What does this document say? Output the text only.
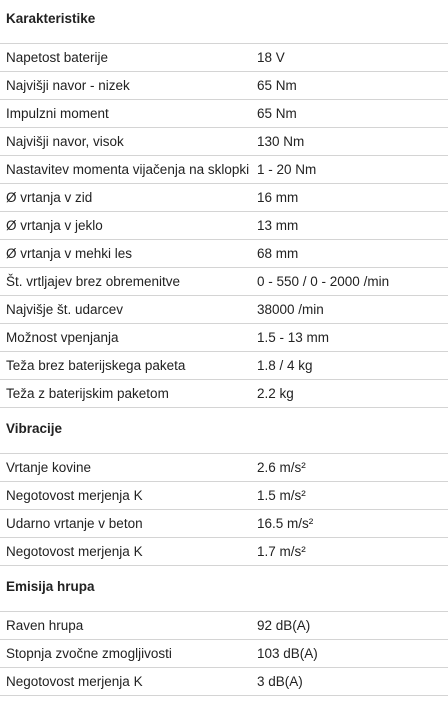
Karakteristike
Napetost baterije	18 V
Najvišji navor - nizek	65 Nm
Impulzni moment	65 Nm
Najvišji navor, visok	130 Nm
Nastavitev momenta vijačenja na sklopki 1 - 20 Nm
Ø vrtanja v zid	16 mm
Ø vrtanja v jeklo	13 mm
Ø vrtanja v mehki les	68 mm
Št. vrtljajev brez obremenitve	0 - 550 / 0 - 2000 /min
Najvišje št. udarcev	38000 /min
Možnost vpenjanja	1.5 - 13 mm
Teža brez baterijskega paketa	1.8 / 4 kg
Teža z baterijskim paketom	2.2 kg
Vibracije
Vrtanje kovine	2.6 m/s²
Negotovost merjenja K	1.5 m/s²
Udarno vrtanje v beton	16.5 m/s²
Negotovost merjenja K	1.7 m/s²
Emisija hrupa
Raven hrupa	92 dB(A)
Stopnja zvočne zmogljivosti	103 dB(A)
Negotovost merjenja K	3 dB(A)
